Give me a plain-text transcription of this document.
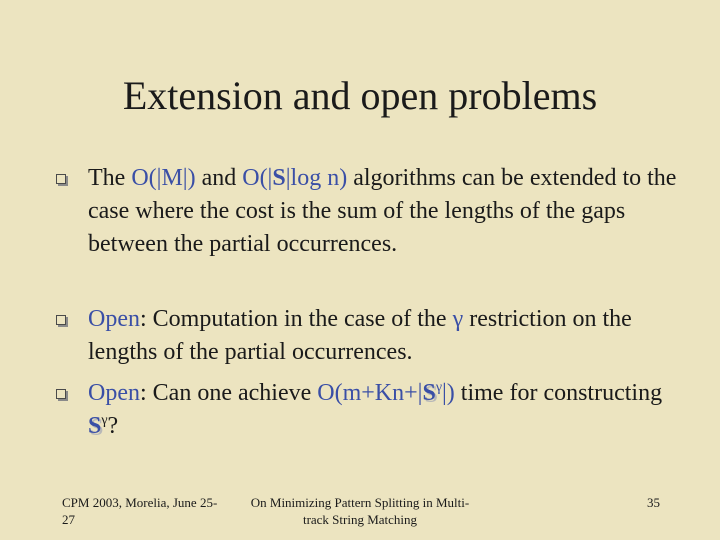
Extension and open problems
The O(|M|) and O(|S|log n) algorithms can be extended to the case where the cost is the sum of the lengths of the gaps between the partial occurrences.
Open: Computation in the case of the γ restriction on the lengths of the partial occurrences.
Open: Can one achieve $O(m+Kn+|S^\gamma|)$ time for constructing $S^\gamma$?
CPM 2003, Morelia, June 25-27
On Minimizing Pattern Splitting in Multi-track String Matching
35
